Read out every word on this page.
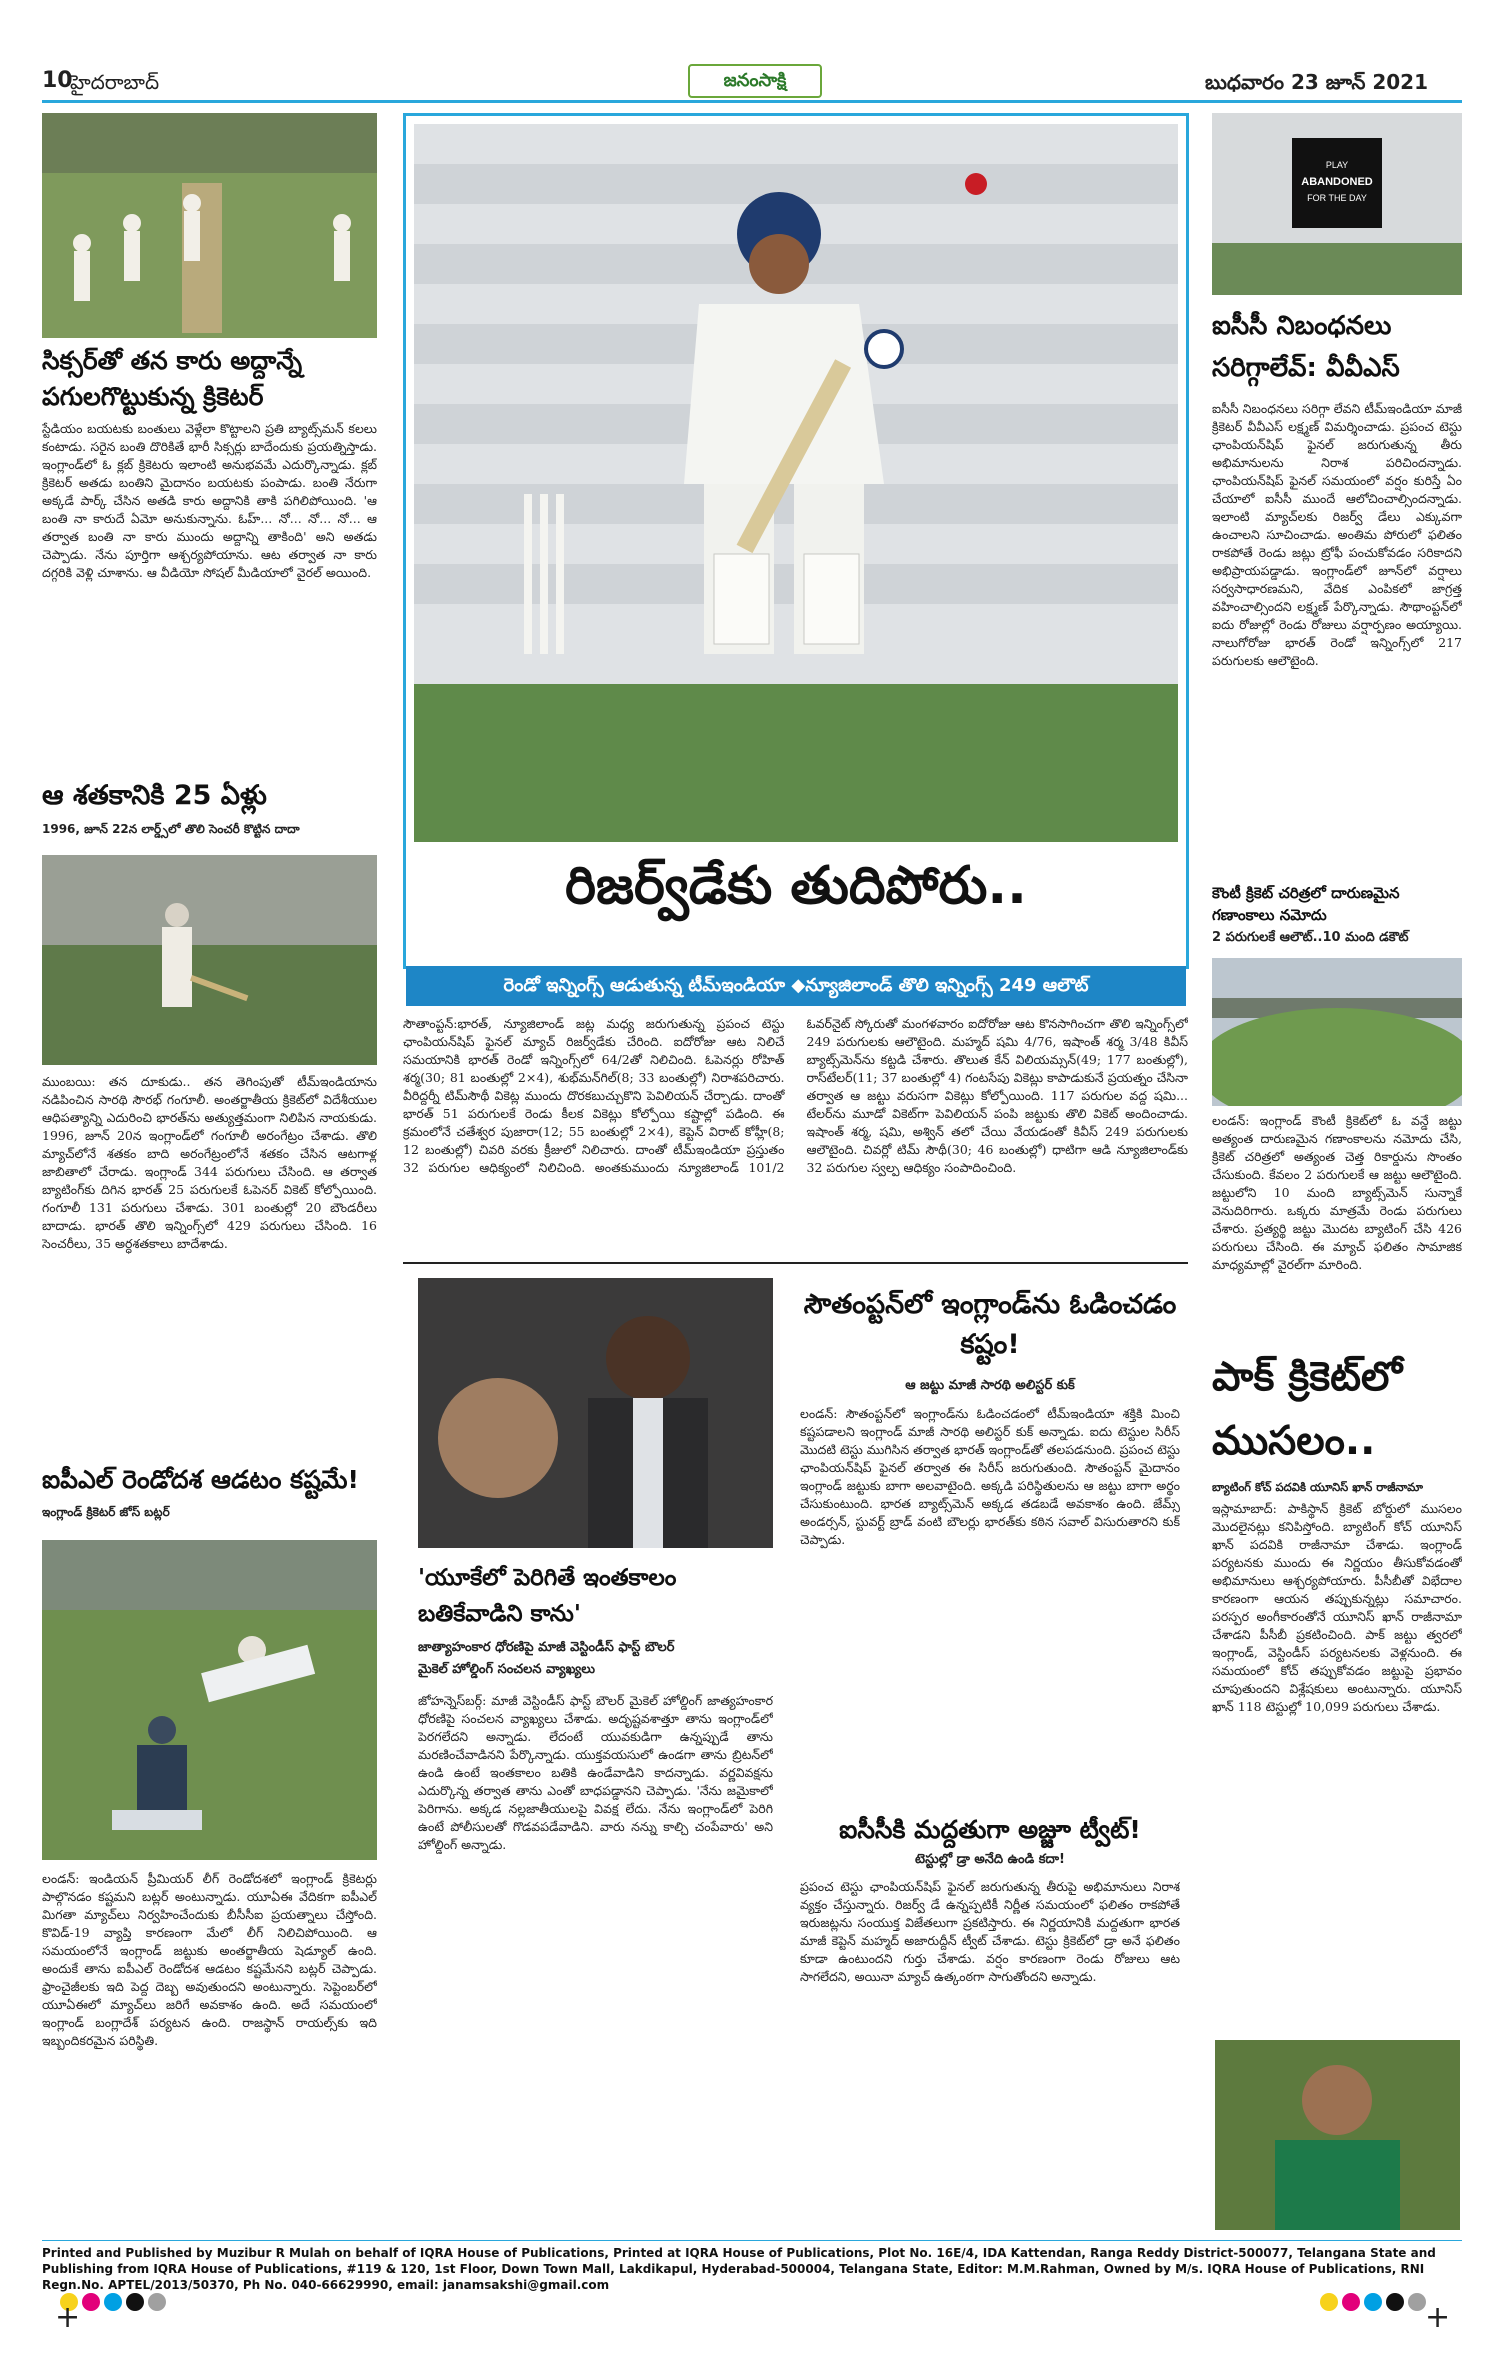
10
హైదరాబాద్	జనంసాక్షి	బుధవారం 23 జూన్ 2021
సిక్సర్‌తో తన కారు అద్దాన్నే పగులగొట్టుకున్న క్రికెటర్
స్టేడియం బయటకు బంతులు వెళ్లేలా కొట్టాలని ప్రతి బ్యాట్స్‌మన్ కలలు కంటాడు. సరైన బంతి దొరికితే భారీ సిక్సర్లు బాదేందుకు ప్రయత్నిస్తాడు. ఇంగ్లాండ్‌లో ఓ క్లబ్ క్రికెటరు ఇలాంటి అనుభవమే ఎదుర్కొన్నాడు. క్లబ్ క్రికెటర్ అతడు బంతిని మైదానం బయటకు పంపాడు. బంతి నేరుగా అక్కడే పార్క్ చేసిన అతడి కారు అద్దానికి తాకి పగిలిపోయింది. 'ఆ బంతి నా కారుదే ఏమో అనుకున్నాను. ఓహ్... నో... నో... నో... ఆ తర్వాత బంతి నా కారు ముందు అద్దాన్ని తాకింది' అని అతడు చెప్పాడు. నేను పూర్తిగా ఆశ్చర్యపోయాను. ఆట తర్వాత నా కారు దగ్గరికి వెళ్లి చూశాను. ఆ వీడియో సోషల్ మీడియాలో వైరల్ అయింది.
ఆ శతకానికి 25 ఏళ్లు
1996, జూన్ 22న లార్డ్స్‌లో తొలి సెంచరీ కొట్టిన దాదా
ముంబయి: తన దూకుడు.. తన తెగింపుతో టీమ్‌ఇండియాను నడిపించిన సారథి సౌరభ్ గంగూలీ. అంతర్జాతీయ క్రికెట్‌లో విదేశీయుల ఆధిపత్యాన్ని ఎదురించి భారత్‌ను అత్యుత్తమంగా నిలిపిన నాయకుడు. 1996, జూన్ 20న ఇంగ్లాండ్‌లో గంగూలీ అరంగేట్రం చేశాడు. తొలి మ్యాచ్‌లోనే శతకం బాది అరంగేట్రంలోనే శతకం చేసిన ఆటగాళ్ల జాబితాలో చేరాడు. ఇంగ్లాండ్ 344 పరుగులు చేసింది. ఆ తర్వాత బ్యాటింగ్‌కు దిగిన భారత్ 25 పరుగులకే ఓపెనర్ వికెట్ కోల్పోయింది. గంగూలీ 131 పరుగులు చేశాడు. 301 బంతుల్లో 20 బౌండరీలు బాదాడు. భారత్ తొలి ఇన్నింగ్స్‌లో 429 పరుగులు చేసింది. 16 సెంచరీలు, 35 అర్ధశతకాలు బాదేశాడు.
ఐపీఎల్ రెండోదశ ఆడటం కష్టమే!
ఇంగ్లాండ్ క్రికెటర్ జోస్ బట్లర్
లండన్: ఇండియన్ ప్రీమియర్ లీగ్ రెండోదశలో ఇంగ్లాండ్ క్రికెటర్లు పాల్గొనడం కష్టమని బట్లర్ అంటున్నాడు. యూఏఈ వేదికగా ఐపీఎల్ మిగతా మ్యాచ్‌లు నిర్వహించేందుకు బీసీసీఐ ప్రయత్నాలు చేస్తోంది. కొవిడ్-19 వ్యాప్తి కారణంగా మేలో లీగ్ నిలిచిపోయింది. ఆ సమయంలోనే ఇంగ్లాండ్ జట్టుకు అంతర్జాతీయ షెడ్యూల్ ఉంది. అందుకే తాను ఐపీఎల్ రెండోదశ ఆడటం కష్టమేనని బట్లర్ చెప్పాడు. ఫ్రాంచైజీలకు ఇది పెద్ద దెబ్బ అవుతుందని అంటున్నారు. సెప్టెంబర్‌లో యూఏఈలో మ్యాచ్‌లు జరిగే అవకాశం ఉంది. అదే సమయంలో ఇంగ్లాండ్ బంగ్లాదేశ్ పర్యటన ఉంది. రాజస్థాన్ రాయల్స్‌కు ఇది ఇబ్బందికరమైన పరిస్థితి.
రిజర్వ్‌డేకు తుదిపోరు..
రెండో ఇన్నింగ్స్ ఆడుతున్న టీమ్‌ఇండియా ◆న్యూజిలాండ్ తొలి ఇన్నింగ్స్ 249 ఆలౌట్
సౌతాంప్టన్:భారత్, న్యూజిలాండ్ జట్ల మధ్య జరుగుతున్న ప్రపంచ టెస్టు ఛాంపియన్‌షిప్ ఫైనల్ మ్యాచ్ రిజర్వ్‌డేకు చేరింది. ఐదోరోజు ఆట నిలిచే సమయానికి భారత్ రెండో ఇన్నింగ్స్‌లో 64/2తో నిలిచింది. ఓపెనర్లు రోహిత్ శర్మ(30; 81 బంతుల్లో 2×4), శుభ్‌మన్‌గిల్(8; 33 బంతుల్లో) నిరాశపరిచారు. వీరిద్దర్నీ టిమ్‌సౌథీ వికెట్ల ముందు దొరకబుచ్చుకొని పెవిలియన్ చేర్చాడు. దాంతో భారత్ 51 పరుగులకే రెండు కీలక వికెట్లు కోల్పోయి కష్టాల్లో పడింది. ఈ క్రమంలోనే చతేశ్వర పుజారా(12; 55 బంతుల్లో 2×4), కెప్టెన్ విరాట్ కోహ్లీ(8; 12 బంతుల్లో) చివరి వరకు క్రీజులో నిలిచారు. దాంతో టీమ్‌ఇండియా ప్రస్తుతం 32 పరుగుల ఆధిక్యంలో నిలిచింది. అంతకుముందు న్యూజిలాండ్ 101/2 ఓవర్‌నైట్ స్కోరుతో మంగళవారం ఐదోరోజు ఆట కొనసాగించగా తొలి ఇన్నింగ్స్‌లో 249 పరుగులకు ఆలౌటైంది. మహ్మద్ షమి 4/76, ఇషాంత్ శర్మ 3/48 కివీస్ బ్యాట్స్‌మెన్‌ను కట్టడి చేశారు. తొలుత కేన్ విలియమ్సన్(49; 177 బంతుల్లో), రాస్‌టేలర్(11; 37 బంతుల్లో 4) గంటసేపు వికెట్లు కాపాడుకునే ప్రయత్నం చేసినా తర్వాత ఆ జట్టు వరుసగా వికెట్లు కోల్పోయింది. 117 పరుగుల వద్ద షమి... టేలర్‌ను మూడో వికెట్‌గా పెవిలియన్ పంపి జట్టుకు తొలి వికెట్ అందించాడు. ఇషాంత్ శర్మ, షమి, అశ్విన్ తలో చేయి వేయడంతో కివీస్ 249 పరుగులకు ఆలౌటైంది. చివర్లో టిమ్ సౌథీ(30; 46 బంతుల్లో) ధాటిగా ఆడి న్యూజిలాండ్‌కు 32 పరుగుల స్వల్ప ఆధిక్యం సంపాదించింది.
'యూకేలో పెరిగితే ఇంతకాలం బతికేవాడిని కాను'
జాత్యాహంకార ధోరణిపై మాజీ వెస్టిండీస్ ఫాస్ట్ బౌలర్
మైకెల్ హోల్డింగ్ సంచలన వ్యాఖ్యలు
జోహన్నెస్‌బర్గ్: మాజీ వెస్టిండీస్ ఫాస్ట్ బౌలర్ మైకెల్ హోల్డింగ్ జాత్యహంకార ధోరణిపై సంచలన వ్యాఖ్యలు చేశాడు. అదృష్టవశాత్తూ తాను ఇంగ్లాండ్‌లో పెరగలేదని అన్నాడు. లేదంటే యువకుడిగా ఉన్నప్పుడే తాను మరణించేవాడినని పేర్కొన్నాడు. యుక్తవయసులో ఉండగా తాను బ్రిటన్‌లో ఉండి ఉంటే ఇంతకాలం బతికి ఉండేవాడిని కాదన్నాడు. వర్ణవివక్షను ఎదుర్కొన్న తర్వాత తాను ఎంతో బాధపడ్డానని చెప్పాడు. 'నేను జమైకాలో పెరిగాను. అక్కడ నల్లజాతీయులపై వివక్ష లేదు. నేను ఇంగ్లాండ్‌లో పెరిగి ఉంటే పోలీసులతో గొడవపడేవాడిని. వారు నన్ను కాల్చి చంపేవారు' అని హోల్డింగ్ అన్నాడు.
సౌతంప్టన్‌లో ఇంగ్లాండ్‌ను ఓడించడం కష్టం!
ఆ జట్టు మాజీ సారథి అలిస్టర్ కుక్
లండన్: సౌతంప్టన్‌లో ఇంగ్లాండ్‌ను ఓడించడంలో టీమ్‌ఇండియా శక్తికి మించి కష్టపడాలని ఇంగ్లాండ్ మాజీ సారథి అలిస్టర్ కుక్ అన్నాడు. ఐదు టెస్టుల సిరీస్ మొదటి టెస్టు ముగిసిన తర్వాత భారత్ ఇంగ్లాండ్‌తో తలపడనుంది. ప్రపంచ టెస్టు ఛాంపియన్‌షిప్ ఫైనల్ తర్వాత ఈ సిరీస్ జరుగుతుంది. సౌతంప్టన్ మైదానం ఇంగ్లాండ్ జట్టుకు బాగా అలవాటైంది. అక్కడి పరిస్థితులను ఆ జట్టు బాగా అర్థం చేసుకుంటుంది. భారత బ్యాట్స్‌మెన్ అక్కడ తడబడే అవకాశం ఉంది. జేమ్స్ అండర్సన్, స్టువర్ట్ బ్రాడ్ వంటి బౌలర్లు భారత్‌కు కఠిన సవాల్ విసురుతారని కుక్ చెప్పాడు.
ఐసీసీకి మద్దతుగా అజ్జూ ట్వీట్!
టెస్టుల్లో డ్రా అనేది ఉండి కదా!
ప్రపంచ టెస్టు ఛాంపియన్‌షిప్ ఫైనల్ జరుగుతున్న తీరుపై అభిమానులు నిరాశ వ్యక్తం చేస్తున్నారు. రిజర్వ్ డే ఉన్నప్పటికీ నిర్ణీత సమయంలో ఫలితం రాకపోతే ఇరుజట్లను సంయుక్త విజేతలుగా ప్రకటిస్తారు. ఈ నిర్ణయానికి మద్దతుగా భారత మాజీ కెప్టెన్ మహ్మద్ అజారుద్దీన్ ట్వీట్ చేశాడు. టెస్టు క్రికెట్‌లో డ్రా అనే ఫలితం కూడా ఉంటుందని గుర్తు చేశాడు. వర్షం కారణంగా రెండు రోజులు ఆట సాగలేదని, అయినా మ్యాచ్ ఉత్కంఠగా సాగుతోందని అన్నాడు.
PLAY
ABANDONED
FOR THE DAY
ఐసీసీ నిబంధనలు సరిగ్గాలేవ్: వీవీఎస్
ఐసీసీ నిబంధనలు సరిగ్గా లేవని టీమ్‌ఇండియా మాజీ క్రికెటర్ వీవీఎస్ లక్ష్మణ్ విమర్శించాడు. ప్రపంచ టెస్టు ఛాంపియన్‌షిప్ ఫైనల్ జరుగుతున్న తీరు అభిమానులను నిరాశ పరిచిందన్నాడు. ఛాంపియన్‌షిప్ ఫైనల్ సమయంలో వర్షం కురిస్తే ఏం చేయాలో ఐసీసీ ముందే ఆలోచించాల్సిందన్నాడు. ఇలాంటి మ్యాచ్‌లకు రిజర్వ్ డేలు ఎక్కువగా ఉంచాలని సూచించాడు. అంతిమ పోరులో ఫలితం రాకపోతే రెండు జట్లు ట్రోఫీ పంచుకోవడం సరికాదని అభిప్రాయపడ్డాడు. ఇంగ్లాండ్‌లో జూన్‌లో వర్షాలు సర్వసాధారణమని, వేదిక ఎంపికలో జాగ్రత్త వహించాల్సిందని లక్ష్మణ్ పేర్కొన్నాడు. సౌథాంప్టన్‌లో ఐదు రోజుల్లో రెండు రోజులు వర్షార్పణం అయ్యాయి. నాలుగోరోజు భారత్ రెండో ఇన్నింగ్స్‌లో 217 పరుగులకు ఆలౌటైంది.
కౌంటీ క్రికెట్ చరిత్రలో దారుణమైన గణాంకాలు నమోదు
2 పరుగులకే ఆలౌట్..10 మంది డకౌట్
లండన్: ఇంగ్లాండ్ కౌంటీ క్రికెట్‌లో ఓ వన్డే జట్టు అత్యంత దారుణమైన గణాంకాలను నమోదు చేసి, క్రికెట్ చరిత్రలో అత్యంత చెత్త రికార్డును సొంతం చేసుకుంది. కేవలం 2 పరుగులకే ఆ జట్టు ఆలౌటైంది. జట్టులోని 10 మంది బ్యాట్స్‌మెన్ సున్నాకే వెనుదిరిగారు. ఒక్కరు మాత్రమే రెండు పరుగులు చేశారు. ప్రత్యర్థి జట్టు మొదట బ్యాటింగ్ చేసి 426 పరుగులు చేసింది. ఈ మ్యాచ్ ఫలితం సామాజిక మాధ్యమాల్లో వైరల్‌గా మారింది.
పాక్ క్రికెట్‌లో ముసలం..
బ్యాటింగ్ కోచ్ పదవికి యూనిస్ ఖాన్ రాజీనామా
ఇస్లామాబాద్: పాకిస్థాన్ క్రికెట్ బోర్డులో ముసలం మొదలైనట్లు కనిపిస్తోంది. బ్యాటింగ్ కోచ్ యూనిస్ ఖాన్ పదవికి రాజీనామా చేశాడు. ఇంగ్లాండ్ పర్యటనకు ముందు ఈ నిర్ణయం తీసుకోవడంతో అభిమానులు ఆశ్చర్యపోయారు. పీసీబీతో విభేదాల కారణంగా ఆయన తప్పుకున్నట్లు సమాచారం. పరస్పర అంగీకారంతోనే యూనిస్ ఖాన్ రాజీనామా చేశాడని పీసీబీ ప్రకటించింది. పాక్ జట్టు త్వరలో ఇంగ్లాండ్, వెస్టిండీస్ పర్యటనలకు వెళ్లనుంది. ఈ సమయంలో కోచ్ తప్పుకోవడం జట్టుపై ప్రభావం చూపుతుందని విశ్లేషకులు అంటున్నారు. యూనిస్ ఖాన్ 118 టెస్టుల్లో 10,099 పరుగులు చేశాడు.
Printed and Published by Muzibur R Mulah on behalf of IQRA House of Publications, Printed at IQRA House of Publications, Plot No. 16E/4, IDA Kattendan, Ranga Reddy District-500077, Telangana State and Publishing from IQRA House of Publications, #119 & 120, 1st Floor, Down Town Mall, Lakdikapul, Hyderabad-500004, Telangana State, Editor: M.M.Rahman, Owned by M/s. IQRA House of Publications, RNI Regn.No. APTEL/2013/50370, Ph No. 040-66629990, email: janamsakshi@gmail.com
+	+
